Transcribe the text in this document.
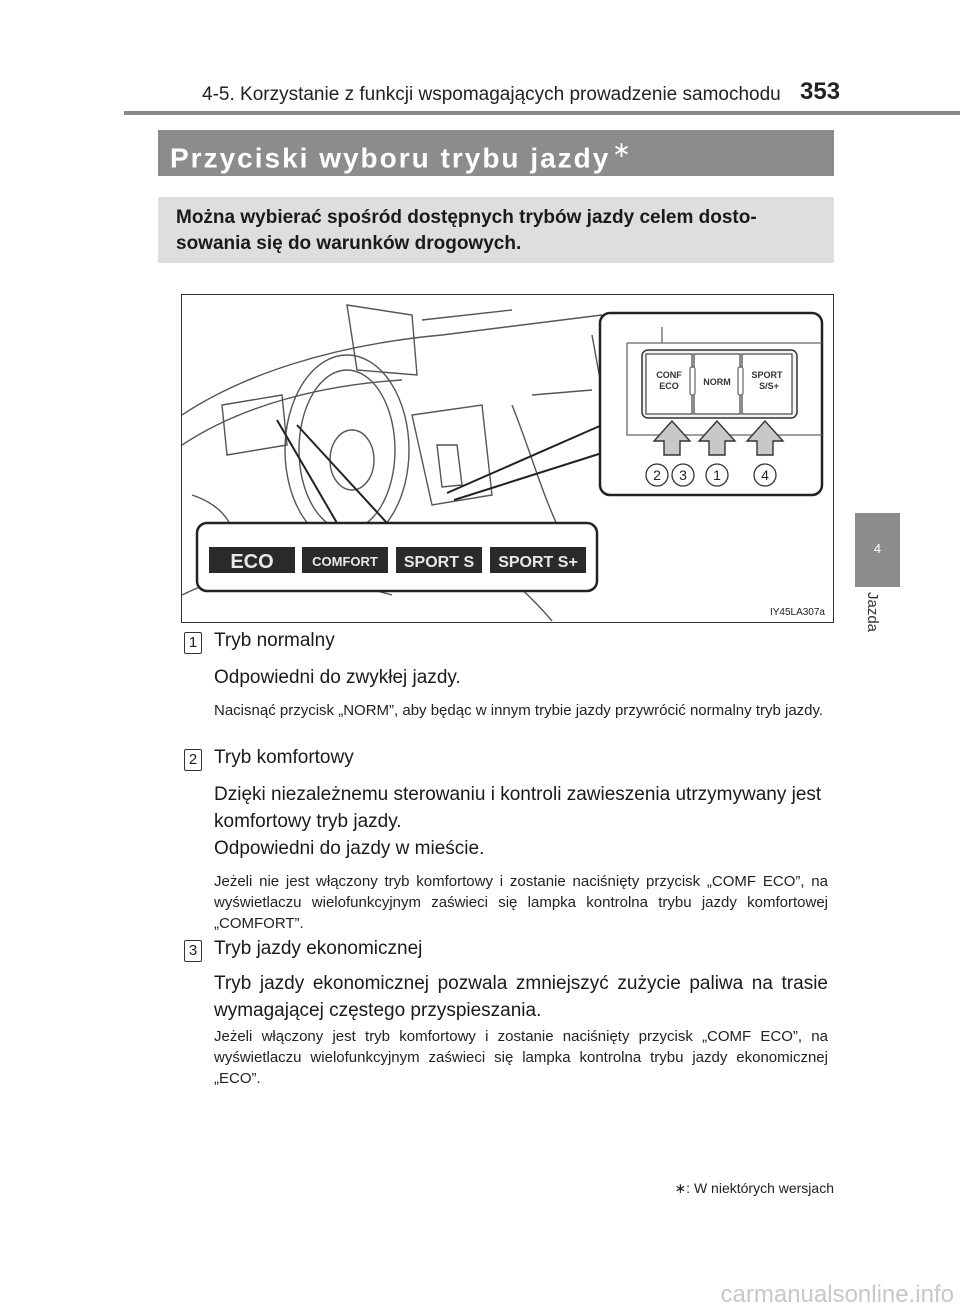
4-5. Korzystanie z funkcji wspomagających prowadzenie samochodu 353
Przyciski wyboru trybu jazdy∗
Można wybierać spośród dostępnych trybów jazdy celem dosto-sowania się do warunków drogowych.
CONF
ECO	NORM
SPORT
S/S+
2 3 1	4
ECO	COMFORT SPORT S SPORT S+
IY45LA307a
1 Tryb normalny
Odpowiedni do zwykłej jazdy.
Nacisnąć przycisk „NORM”, aby będąc w innym trybie jazdy przywrócić normalny tryb jazdy.
2 Tryb komfortowy
Dzięki niezależnemu sterowaniu i kontroli zawieszenia utrzymywany jest komfortowy tryb jazdy.
Odpowiedni do jazdy w mieście.
Jeżeli nie jest włączony tryb komfortowy i zostanie naciśnięty przycisk „COMF ECO”, na wyświetlaczu wielofunkcyjnym zaświeci się lampka kontrolna trybu jazdy komfortowej „COMFORT”.
3 Tryb jazdy ekonomicznej
Tryb jazdy ekonomicznej pozwala zmniejszyć zużycie paliwa na trasie wymagającej częstego przyspieszania.
Jeżeli włączony jest tryb komfortowy i zostanie naciśnięty przycisk „COMF ECO”, na wyświetlaczu wielofunkcyjnym zaświeci się lampka kontrolna trybu jazdy ekonomicznej „ECO”.
∗: W niektórych wersjach
4
Jazda
carmanualsonline.info
